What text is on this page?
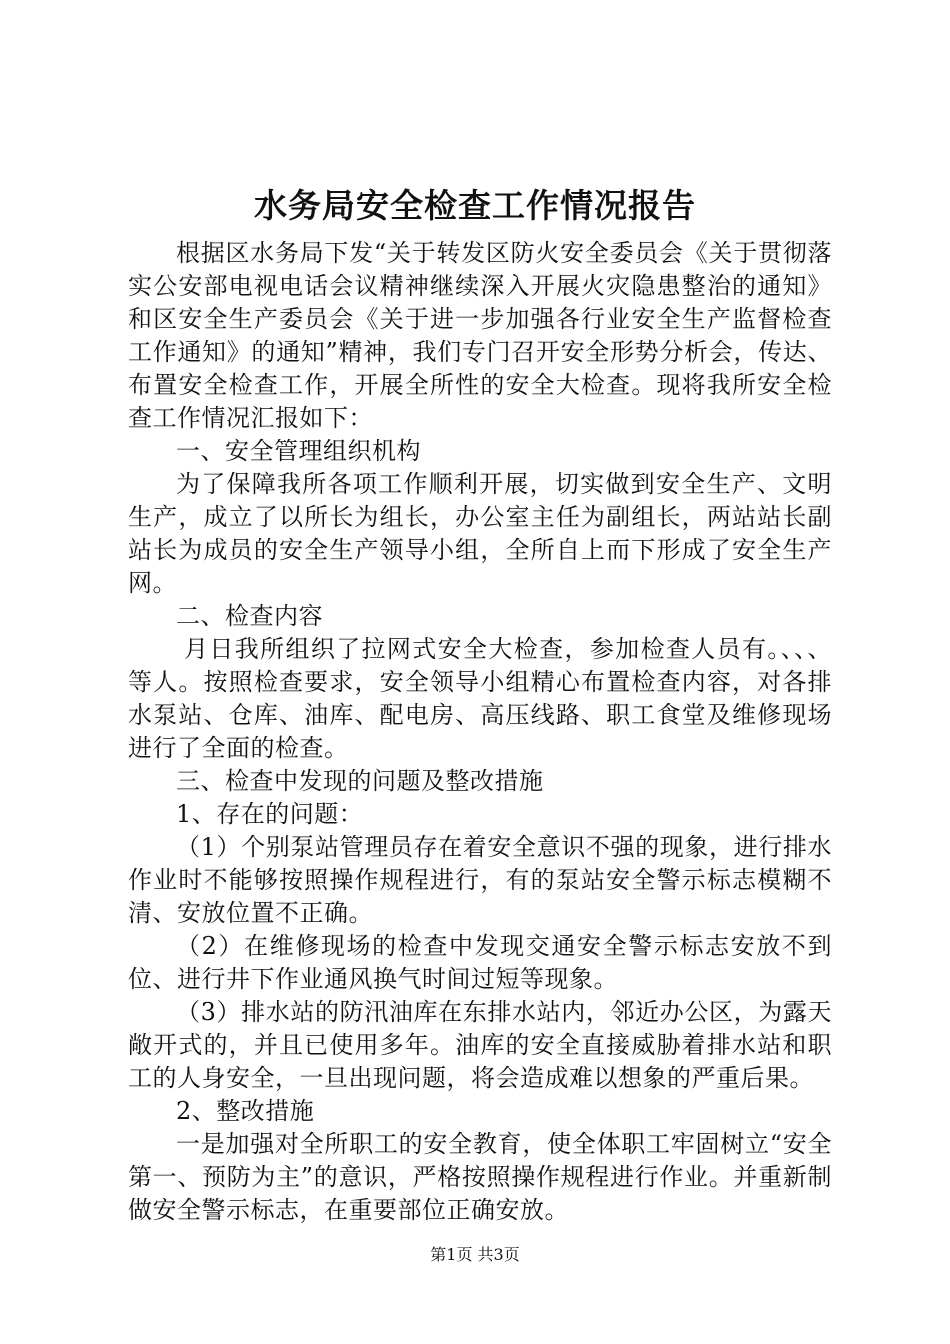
水务局安全检查工作情况报告

根据区水务局下发“关于转发区防火安全委员会《关于贯彻落实公安部电视电话会议精神继续深入开展火灾隐患整治的通知》和区安全生产委员会《关于进一步加强各行业安全生产监督检查工作通知》的通知”精神，我们专门召开安全形势分析会，传达、布置安全检查工作，开展全所性的安全大检查。现将我所安全检查工作情况汇报如下：

一、安全管理组织机构

为了保障我所各项工作顺利开展，切实做到安全生产、文明生产，成立了以所长为组长，办公室主任为副组长，两站站长副站长为成员的安全生产领导小组，全所自上而下形成了安全生产网。

二、检查内容

月日我所组织了拉网式安全大检查，参加检查人员有。、、、等人。按照检查要求，安全领导小组精心布置检查内容，对各排水泵站、仓库、油库、配电房、高压线路、职工食堂及维修现场进行了全面的检查。

三、检查中发现的问题及整改措施

1、存在的问题：

（1）个别泵站管理员存在着安全意识不强的现象，进行排水作业时不能够按照操作规程进行，有的泵站安全警示标志模糊不清、安放位置不正确。

（2）在维修现场的检查中发现交通安全警示标志安放不到位、进行井下作业通风换气时间过短等现象。

（3）排水站的防汛油库在东排水站内，邻近办公区，为露天敞开式的，并且已使用多年。油库的安全直接威胁着排水站和职工的人身安全，一旦出现问题，将会造成难以想象的严重后果。

2、整改措施

一是加强对全所职工的安全教育，使全体职工牢固树立“安全第一、预防为主”的意识，严格按照操作规程进行作业。并重新制做安全警示标志，在重要部位正确安放。

第1页 共3页
